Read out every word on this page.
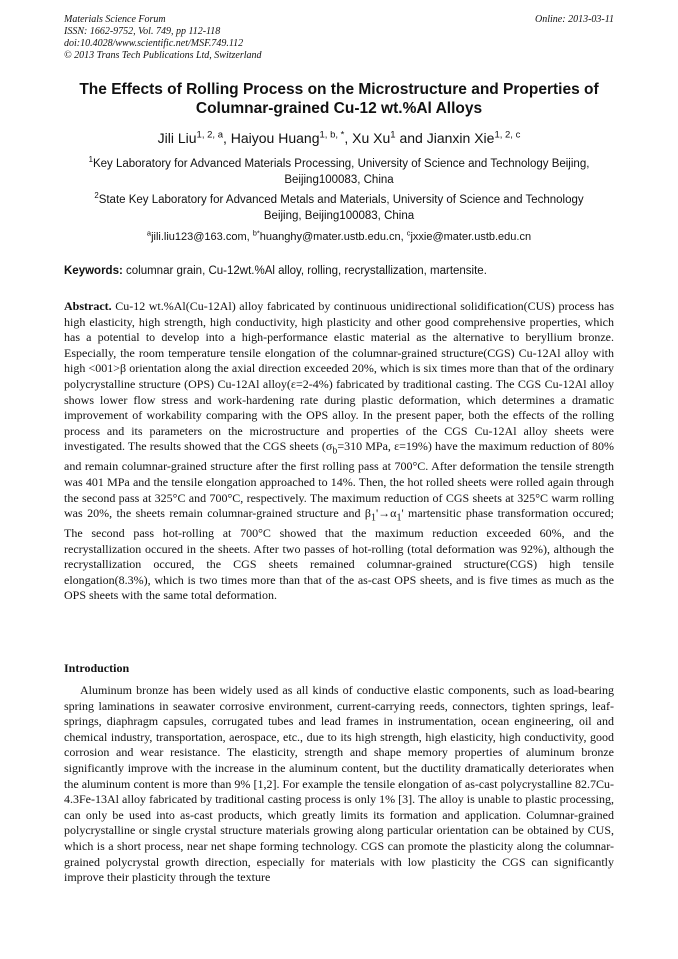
Materials Science Forum
ISSN: 1662-9752, Vol. 749, pp 112-118
doi:10.4028/www.scientific.net/MSF.749.112
© 2013 Trans Tech Publications Ltd, Switzerland
Online: 2013-03-11
The Effects of Rolling Process on the Microstructure and Properties of
Columnar-grained Cu-12 wt.%Al Alloys
Jili Liu$^{1, 2, a}$, Haiyou Huang$^{1, b, *}$, Xu Xu$^1$ and Jianxin Xie$^{1, 2, c}$
$^1$Key Laboratory for Advanced Materials Processing, University of Science and Technology Beijing,
Beijing100083, China
$^2$State Key Laboratory for Advanced Metals and Materials, University of Science and Technology
Beijing, Beijing100083, China
$^a$jili.liu123@163.com, $^{b*}$huanghy@mater.ustb.edu.cn, $^c$jxxie@mater.ustb.edu.cn
Keywords: columnar grain, Cu-12wt.%Al alloy, rolling, recrystallization, martensite.
Abstract. Cu-12 wt.%Al(Cu-12Al) alloy fabricated by continuous unidirectional solidification(CUS) process has high elasticity, high strength, high conductivity, high plasticity and other good comprehensive properties, which has a potential to develop into a high-performance elastic material as the alternative to beryllium bronze. Especially, the room temperature tensile elongation of the columnar-grained structure(CGS) Cu-12Al alloy with high <001>β orientation along the axial direction exceeded 20%, which is six times more than that of the ordinary polycrystalline structure (OPS) Cu-12Al alloy(ε=2-4%) fabricated by traditional casting. The CGS Cu-12Al alloy shows lower flow stress and work-hardening rate during plastic deformation, which determines a dramatic improvement of workability comparing with the OPS alloy. In the present paper, both the effects of the rolling process and its parameters on the microstructure and properties of the CGS Cu-12Al alloy sheets were investigated. The results showed that the CGS sheets ($\sigma_b=310$ MPa, ε=19%) have the maximum reduction of 80% and remain columnar-grained structure after the first rolling pass at 700°C. After deformation the tensile strength was 401 MPa and the tensile elongation approached to 14%. Then, the hot rolled sheets were rolled again through the second pass at 325°C and 700°C, respectively. The maximum reduction of CGS sheets at 325°C warm rolling was 20%, the sheets remain columnar-grained structure and $\beta_1'\to\alpha_1'$ martensitic phase transformation occured; The second pass hot-rolling at 700°C showed that the maximum reduction exceeded 60%, and the recrystallization occured in the sheets. After two passes of hot-rolling (total deformation was 92%), although the recrystallization occured, the CGS sheets remained columnar-grained structure(CGS) high tensile elongation(8.3%), which is two times more than that of the as-cast OPS sheets, and is five times as much as the OPS sheets with the same total deformation.
Introduction
Aluminum bronze has been widely used as all kinds of conductive elastic components, such as load-bearing spring laminations in seawater corrosive environment, current-carrying reeds, connectors, tighten springs, leaf-springs, diaphragm capsules, corrugated tubes and lead frames in instrumentation, ocean engineering, oil and chemical industry, transportation, aerospace, etc., due to its high strength, high elasticity, high conductivity, good corrosion and wear resistance. The elasticity, strength and shape memory properties of aluminum bronze significantly improve with the increase in the aluminum content, but the ductility dramatically deteriorates when the aluminum content is more than 9% [1,2]. For example the tensile elongation of as-cast polycrystalline 82.7Cu-4.3Fe-13Al alloy fabricated by traditional casting process is only 1% [3]. The alloy is unable to plastic processing, can only be used into as-cast products, which greatly limits its formation and application. Columnar-grained polycrystalline or single crystal structure materials growing along particular orientation can be obtained by CUS, which is a short process, near net shape forming technology. CGS can promote the plasticity along the columnar-grained polycrystal growth direction, especially for materials with low plasticity the CGS can significantly improve their plasticity through the texture
